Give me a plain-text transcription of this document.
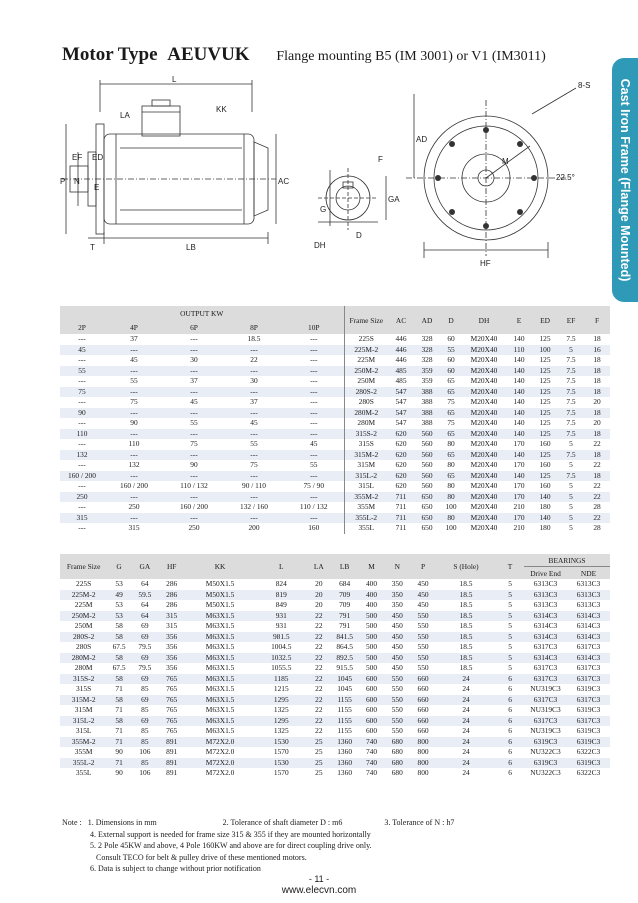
Motor Type AEUVUK Flange mounting B5 (IM 3001) or V1 (IM3011)
Cast Iron Frame (Flange Mounted)
L
LA
KK
EF ED
E
P N	AC
T	LB
AD
F
G
GA
D
DH
HF
M
8-S
22.5°
OUTPUT KW					Frame Size	AC	AD	D	DH	E	ED	EF	F
2P	4P	6P	8P	10P									
---	37	---	18.5	---	225S	446	328	60	M20X40	140	125	7.5	18
45	---	---	---	---	225M-2	446	328	55	M20X40	110	100	5	16
---	45	30	22	---	225M	446	328	60	M20X40	140	125	7.5	18
55	---	---	---	---	250M-2	485	359	60	M20X40	140	125	7.5	18
---	55	37	30	---	250M	485	359	65	M20X40	140	125	7.5	18
75	---	---	---	---	280S-2	547	388	65	M20X40	140	125	7.5	18
---	75	45	37	---	280S	547	388	75	M20X40	140	125	7.5	20
90	---	---	---	---	280M-2	547	388	65	M20X40	140	125	7.5	18
---	90	55	45	---	280M	547	388	75	M20X40	140	125	7.5	20
110	---	---	---	---	315S-2	620	560	65	M20X40	140	125	7.5	18
---	110	75	55	45	315S	620	560	80	M20X40	170	160	5	22
132	---	---	---	---	315M-2	620	560	65	M20X40	140	125	7.5	18
---	132	90	75	55	315M	620	560	80	M20X40	170	160	5	22
160 / 200	---	---	---	---	315L-2	620	560	65	M20X40	140	125	7.5	18
---	160 / 200	110 / 132	90 / 110	75 / 90	315L	620	560	80	M20X40	170	160	5	22
250	---	---	---	---	355M-2	711	650	80	M20X40	170	140	5	22
---	250	160 / 200	132 / 160	110 / 132	355M	711	650	100	M20X40	210	180	5	28
315	---	---	---	---	355L-2	711	650	80	M20X40	170	140	5	22
---	315	250	200	160	355L	711	650	100	M20X40	210	180	5	28
Frame Size	G	GA	HF	KK	L	LA	LB	M	N	P	S (Hole)	T	BEARINGS	
													Drive End	NDE
225S	53	64	286	M50X1.5	824	20	684	400	350	450	18.5	5	6313C3	6313C3
225M-2	49	59.5	286	M50X1.5	819	20	709	400	350	450	18.5	5	6313C3	6313C3
225M	53	64	286	M50X1.5	849	20	709	400	350	450	18.5	5	6313C3	6313C3
250M-2	53	64	315	M63X1.5	931	22	791	500	450	550	18.5	5	6314C3	6314C3
250M	58	69	315	M63X1.5	931	22	791	500	450	550	18.5	5	6314C3	6314C3
280S-2	58	69	356	M63X1.5	981.5	22	841.5	500	450	550	18.5	5	6314C3	6314C3
280S	67.5	79.5	356	M63X1.5	1004.5	22	864.5	500	450	550	18.5	5	6317C3	6317C3
280M-2	58	69	356	M63X1.5	1032.5	22	892.5	500	450	550	18.5	5	6314C3	6314C3
280M	67.5	79.5	356	M63X1.5	1055.5	22	915.5	500	450	550	18.5	5	6317C3	6317C3
315S-2	58	69	765	M63X1.5	1185	22	1045	600	550	660	24	6	6317C3	6317C3
315S	71	85	765	M63X1.5	1215	22	1045	600	550	660	24	6	NU319C3	6319C3
315M-2	58	69	765	M63X1.5	1295	22	1155	600	550	660	24	6	6317C3	6317C3
315M	71	85	765	M63X1.5	1325	22	1155	600	550	660	24	6	NU319C3	6319C3
315L-2	58	69	765	M63X1.5	1295	22	1155	600	550	660	24	6	6317C3	6317C3
315L	71	85	765	M63X1.5	1325	22	1155	600	550	660	24	6	NU319C3	6319C3
355M-2	71	85	891	M72X2.0	1530	25	1360	740	680	800	24	6	6319C3	6319C3
355M	90	106	891	M72X2.0	1570	25	1360	740	680	800	24	6	NU322C3	6322C3
355L-2	71	85	891	M72X2.0	1530	25	1360	740	680	800	24	6	6319C3	6319C3
355L	90	106	891	M72X2.0	1570	25	1360	740	680	800	24	6	NU322C3	6322C3
Note : 1. Dimensions in mm	2. Tolerance of shaft diameter D : m6	3. Tolerance of N : h7
4. External support is needed for frame size 315 & 355 if they are mounted horizontally
5. 2 Pole 45KW and above, 4 Pole 160KW and above are for direct coupling drive only.
Consult TECO for belt & pulley drive of these mentioned motors.
6. Data is subject to change without prior notification
- 11 -
www.elecvn.com
